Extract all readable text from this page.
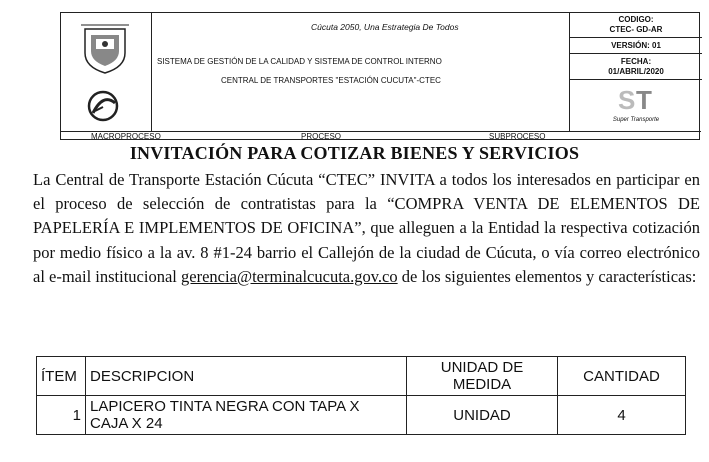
Cúcuta 2050, Una Estrategia De Todos
SISTEMA DE GESTIÓN DE LA CALIDAD Y SISTEMA DE CONTROL INTERNO
CENTRAL DE TRANSPORTES "ESTACIÓN CUCUTA"-CTEC
CODIGO:
CTEC- GD-AR
VERSIÓN: 01
FECHA:
01/ABRIL/2020
S T
Super Transporte
MACROPROCESO	PROCESO	SUBPROCESO
INVITACIÓN PARA COTIZAR BIENES Y SERVICIOS
La Central de Transporte Estación Cúcuta “CTEC” INVITA a todos los interesados en participar en el proceso de selección de contratistas para la “COMPRA VENTA DE ELEMENTOS DE PAPELERÍA E IMPLEMENTOS DE OFICINA”, que alleguen a la Entidad la respectiva cotización por medio físico a la av. 8 #1-24 barrio el Callejón de la ciudad de Cúcuta, o vía correo electrónico al e-mail institucional gerencia@terminalcucuta.gov.co de los siguientes elementos y características:
ÍTEM	DESCRIPCION	UNIDAD DE MEDIDA	CANTIDAD
1	LAPICERO TINTA NEGRA CON TAPA X CAJA X 24	UNIDAD	4
